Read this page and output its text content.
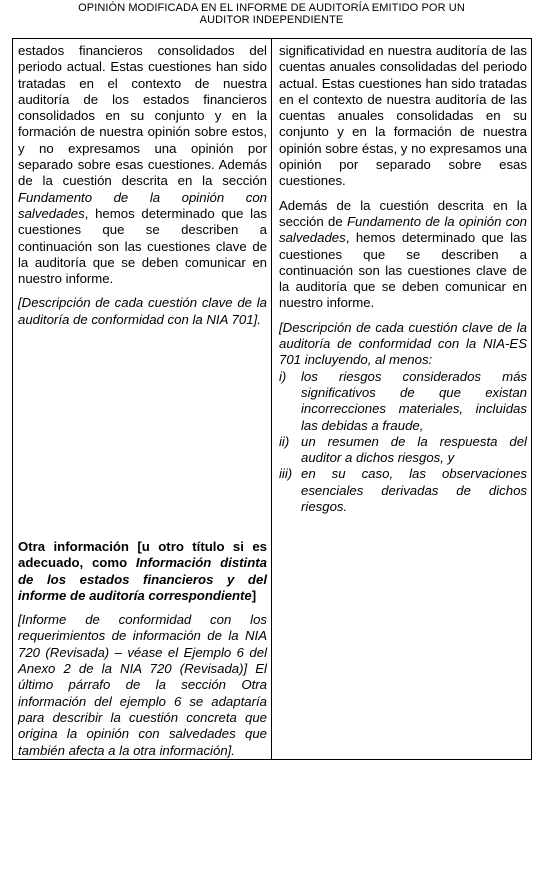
OPINIÓN MODIFICADA EN EL INFORME DE AUDITORÍA EMITIDO POR UN
AUDITOR INDEPENDIENTE

estados financieros consolidados del periodo actual. Estas cuestiones han sido tratadas en el contexto de nuestra auditoría de los estados financieros consolidados en su conjunto y en la formación de nuestra opinión sobre estos, y no expresamos una opinión por separado sobre esas cuestiones. Además de la cuestión descrita en la sección Fundamento de la opinión con salvedades, hemos determinado que las cuestiones que se describen a continuación son las cuestiones clave de la auditoría que se deben comunicar en nuestro informe.

[Descripción de cada cuestión clave de la auditoría de conformidad con la NIA 701].

Otra información [u otro título si es adecuado, como Información distinta de los estados financieros y del informe de auditoría correspondiente]

[Informe de conformidad con los requerimientos de información de la NIA 720 (Revisada) – véase el Ejemplo 6 del Anexo 2 de la NIA 720 (Revisada)] El último párrafo de la sección Otra información del ejemplo 6 se adaptaría para describir la cuestión concreta que origina la opinión con salvedades que también afecta a la otra información].

significatividad en nuestra auditoría de las cuentas anuales consolidadas del periodo actual. Estas cuestiones han sido tratadas en el contexto de nuestra auditoría de las cuentas anuales consolidadas en su conjunto y en la formación de nuestra opinión sobre éstas, y no expresamos una opinión por separado sobre esas cuestiones.

Además de la cuestión descrita en la sección de Fundamento de la opinión con salvedades, hemos determinado que las cuestiones que se describen a continuación son las cuestiones clave de la auditoría que se deben comunicar en nuestro informe.

[Descripción de cada cuestión clave de la auditoría de conformidad con la NIA-ES 701 incluyendo, al menos:

i) los riesgos considerados más significativos de que existan incorrecciones materiales, incluidas las debidas a fraude,
ii) un resumen de la respuesta del auditor a dichos riesgos, y
iii) en su caso, las observaciones esenciales derivadas de dichos riesgos.
